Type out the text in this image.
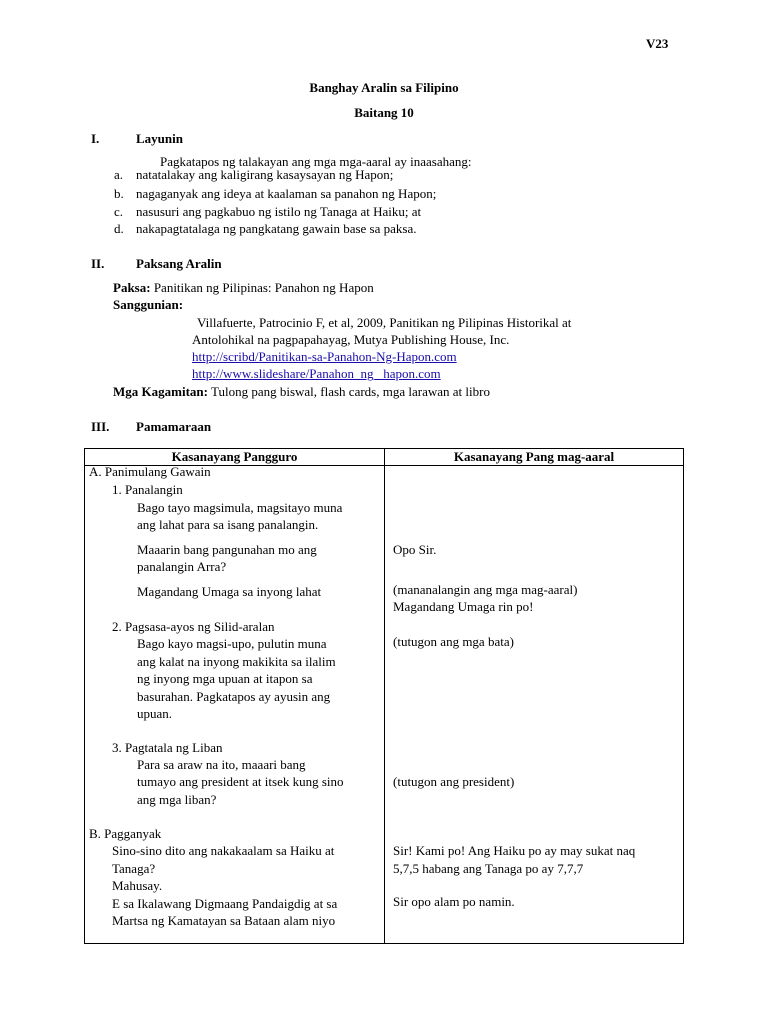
V23
Banghay Aralin sa Filipino
Baitang 10
I.	Layunin
Pagkatapos ng talakayan ang mga mga-aaral ay inaasahang:
a. natatalakay ang kaligirang kasaysayan ng Hapon;
b. nagaganyak ang ideya at kaalaman sa panahon ng Hapon;
c. nasusuri ang pagkabuo ng istilo ng Tanaga at Haiku; at
d. nakapagtatalaga ng pangkatang gawain base sa paksa.
II. Paksang Aralin
Paksa: Panitikan ng Pilipinas: Panahon ng Hapon
Sanggunian:
Villafuerte, Patrocinio F, et al, 2009, Panitikan ng Pilipinas Historikal at
Antolohikal na pagpapahayag, Mutya Publishing House, Inc.
http://scribd/Panitikan-sa-Panahon-Ng-Hapon.com
http://www.slideshare/Panahon_ng_ hapon.com
Mga Kagamitan: Tulong pang biswal, flash cards, mga larawan at libro
III. Pamamaraan
Kasanayang Pangguro	Kasanayang Pang mag-aaral
A. Panimulang Gawain
1. Panalangin
Bago tayo magsimula, magsitayo muna
ang lahat para sa isang panalangin.
Maaarin bang pangunahan mo ang
panalangin Arra?
Magandang Umaga sa inyong lahat
2. Pagsasa-ayos ng Silid-aralan
Bago kayo magsi-upo, pulutin muna
ang kalat na inyong makikita sa ilalim
ng inyong mga upuan at itapon sa
basurahan. Pagkatapos ay ayusin ang
upuan.
3. Pagtatala ng Liban
Para sa araw na ito, maaari bang
tumayo ang president at itsek kung sino
ang mga liban?
B. Pagganyak
Sino-sino dito ang nakakaalam sa Haiku at
Tanaga?
Mahusay.
E sa Ikalawang Digmaang Pandaigdig at sa
Martsa ng Kamatayan sa Bataan alam niyo
Opo Sir.
(mananalangin ang mga mag-aaral)
Magandang Umaga rin po!
(tutugon ang mga bata)
(tutugon ang president)
Sir! Kami po! Ang Haiku po ay may sukat naq
5,7,5 habang ang Tanaga po ay 7,7,7
Sir opo alam po namin.
